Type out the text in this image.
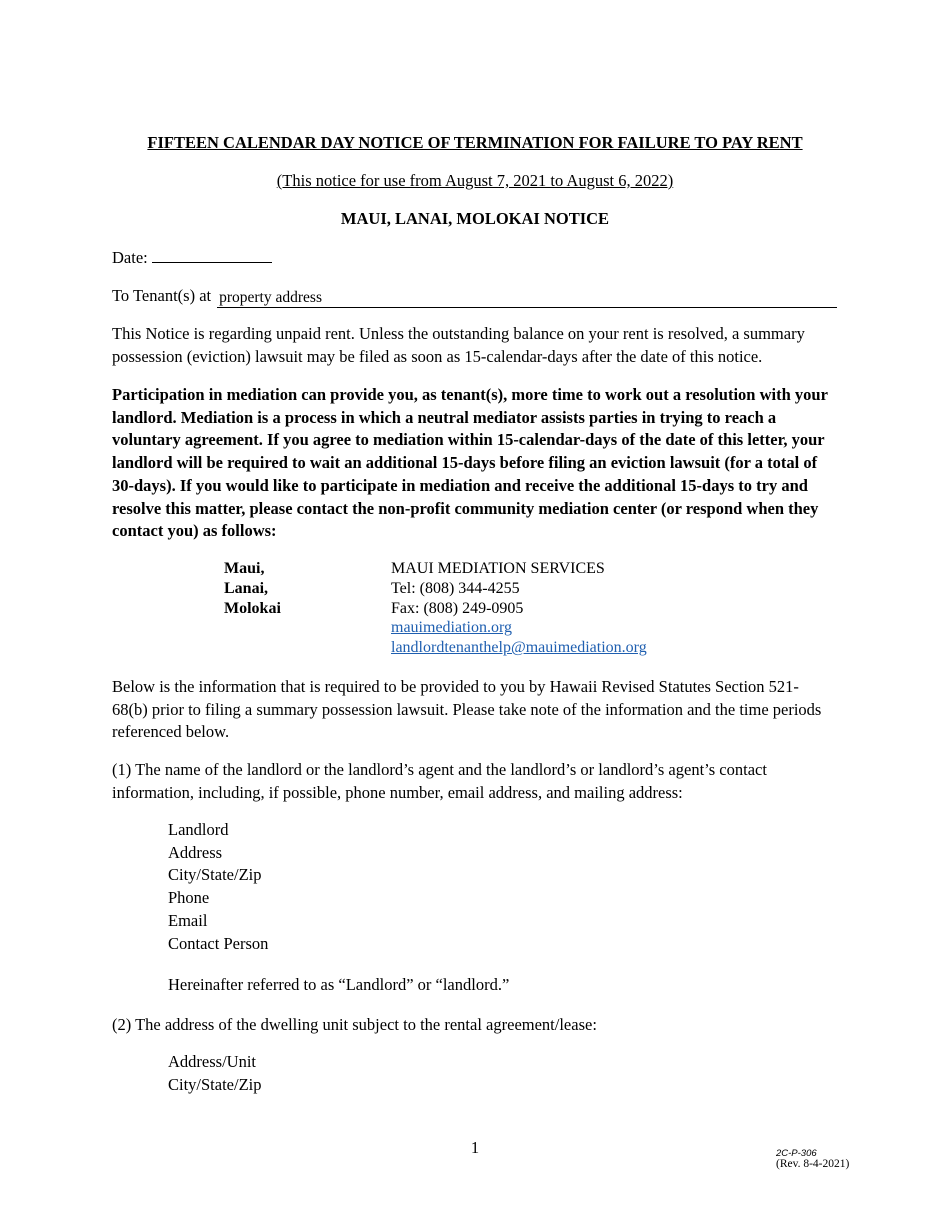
FIFTEEN CALENDAR DAY NOTICE OF TERMINATION FOR FAILURE TO PAY RENT
(This notice for use from August 7, 2021 to August 6, 2022)
MAUI, LANAI, MOLOKAI NOTICE
Date:
To Tenant(s) at property address

This Notice is regarding unpaid rent. Unless the outstanding balance on your rent is resolved, a summary possession (eviction) lawsuit may be filed as soon as 15-calendar-days after the date of this notice.

Participation in mediation can provide you, as tenant(s), more time to work out a resolution with your landlord. Mediation is a process in which a neutral mediator assists parties in trying to reach a voluntary agreement. If you agree to mediation within 15-calendar-days of the date of this letter, your landlord will be required to wait an additional 15-days before filing an eviction lawsuit (for a total of 30-days). If you would like to participate in mediation and receive the additional 15-days to try and resolve this matter, please contact the non-profit community mediation center (or respond when they contact you) as follows:

Maui,
Lanai,
Molokai
MAUI MEDIATION SERVICES
Tel: (808) 344-4255
Fax: (808) 249-0905
mauimediation.org
landlordtenanthelp@mauimediation.org

Below is the information that is required to be provided to you by Hawaii Revised Statutes Section 521-68(b) prior to filing a summary possession lawsuit. Please take note of the information and the time periods referenced below.

(1) The name of the landlord or the landlord’s agent and the landlord’s or landlord’s agent’s contact information, including, if possible, phone number, email address, and mailing address:

Landlord
Address
City/State/Zip
Phone
Email
Contact Person
Hereinafter referred to as “Landlord” or “landlord.”

(2) The address of the dwelling unit subject to the rental agreement/lease:

Address/Unit
City/State/Zip
1	2C-P-306
(Rev. 8-4-2021)
